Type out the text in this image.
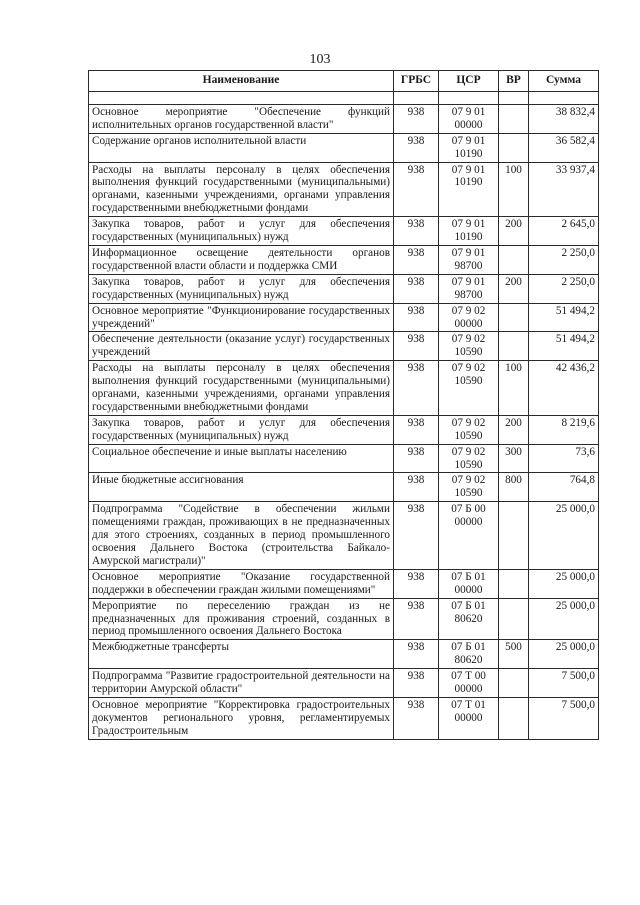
103
Наименование	ГРБС	ЦСР	ВР	Сумма

Основное мероприятие "Обеспечение функций исполнительных органов государственной власти"	938	07 9 01 00000		38 832,4
Содержание органов исполнительной власти	938	07 9 01 10190		36 582,4
Расходы на выплаты персоналу в целях обеспечения выполнения функций государственными (муниципальными) органами, казенными учреждениями, органами управления государственными внебюджетными фондами	938	07 9 01 10190	100	33 937,4
Закупка товаров, работ и услуг для обеспечения государственных (муниципальных) нужд	938	07 9 01 10190	200	2 645,0
Информационное освещение деятельности органов государственной власти области и поддержка СМИ	938	07 9 01 98700		2 250,0
Закупка товаров, работ и услуг для обеспечения государственных (муниципальных) нужд	938	07 9 01 98700	200	2 250,0
Основное мероприятие "Функционирование государственных учреждений"	938	07 9 02 00000		51 494,2
Обеспечение деятельности (оказание услуг) государственных учреждений	938	07 9 02 10590		51 494,2
Расходы на выплаты персоналу в целях обеспечения выполнения функций государственными (муниципальными) органами, казенными учреждениями, органами управления государственными внебюджетными фондами	938	07 9 02 10590	100	42 436,2
Закупка товаров, работ и услуг для обеспечения государственных (муниципальных) нужд	938	07 9 02 10590	200	8 219,6
Социальное обеспечение и иные выплаты населению	938	07 9 02 10590	300	73,6
Иные бюджетные ассигнования	938	07 9 02 10590	800	764,8
Подпрограмма "Содействие в обеспечении жильми помещениями граждан, проживающих в не предназначенных для этого строениях, созданных в период промышленного освоения Дальнего Востока (строительства Байкало-Амурской магистрали)"	938	07 Б 00 00000		25 000,0
Основное мероприятие "Оказание государственной поддержки в обеспечении граждан жилыми помещениями"	938	07 Б 01 00000		25 000,0
Мероприятие по переселению граждан из не предназначенных для проживания строений, созданных в период промышленного освоения Дальнего Востока	938	07 Б 01 80620		25 000,0
Межбюджетные трансферты	938	07 Б 01 80620	500	25 000,0
Подпрограмма "Развитие градостроительной деятельности на территории Амурской области"	938	07 Т 00 00000		7 500,0
Основное мероприятие "Корректировка градостроительных документов регионального уровня, регламентируемых Градостроительным	938	07 Т 01 00000		7 500,0
